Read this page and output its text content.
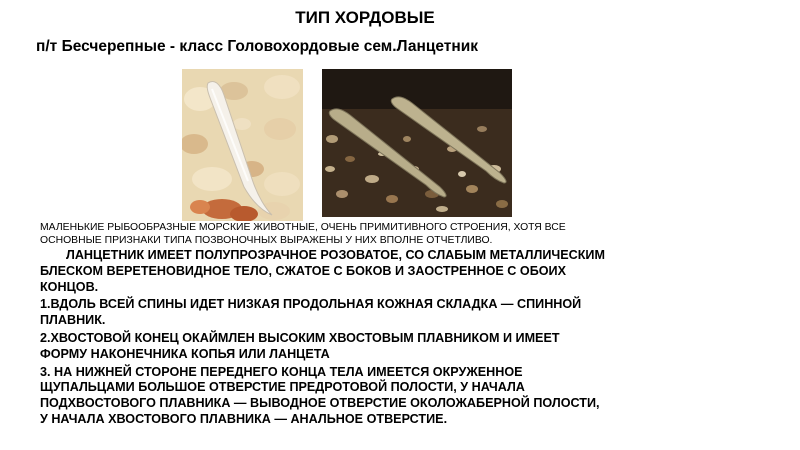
ТИП ХОРДОВЫЕ

п/т Бесчерепные - класс Головохордовые сем.Ланцетник

МАЛЕНЬКИЕ РЫБООБРАЗНЫЕ МОРСКИЕ ЖИВОТНЫЕ, ОЧЕНЬ ПРИМИТИВНОГО СТРОЕНИЯ, ХОТЯ ВСЕ
ОСНОВНЫЕ ПРИЗНАКИ ТИПА ПОЗВОНОЧНЫХ ВЫРАЖЕНЫ У НИХ ВПОЛНЕ ОТЧЕТЛИВО.
ЛАНЦЕТНИК ИМЕЕТ ПОЛУПРОЗРАЧНОЕ РОЗОВАТОЕ, СО СЛАБЫМ МЕТАЛЛИЧЕСКИМ
БЛЕСКОМ ВЕРЕТЕНОВИДНОЕ ТЕЛО, СЖАТОЕ С БОКОВ И ЗАОСТРЕННОЕ С ОБОИХ
КОНЦОВ.
1.ВДОЛЬ ВСЕЙ СПИНЫ ИДЕТ НИЗКАЯ ПРОДОЛЬНАЯ КОЖНАЯ СКЛАДКА — СПИННОЙ
ПЛАВНИК.
2.ХВОСТОВОЙ КОНЕЦ ОКАЙМЛЕН ВЫСОКИМ ХВОСТОВЫМ ПЛАВНИКОМ И ИМЕЕТ
ФОРМУ НАКОНЕЧНИКА КОПЬЯ ИЛИ ЛАНЦЕТА
3. НА НИЖНЕЙ СТОРОНЕ ПЕРЕДНЕГО КОНЦА ТЕЛА ИМЕЕТСЯ ОКРУЖЕННОЕ
ЩУПАЛЬЦАМИ БОЛЬШОЕ ОТВЕРСТИЕ ПРЕДРОТОВОЙ ПОЛОСТИ, У НАЧАЛА
ПОДХВОСТОВОГО ПЛАВНИКА — ВЫВОДНОЕ ОТВЕРСТИЕ ОКОЛОЖАБЕРНОЙ ПОЛОСТИ,
У НАЧАЛА ХВОСТОВОГО ПЛАВНИКА — АНАЛЬНОЕ ОТВЕРСТИЕ.
